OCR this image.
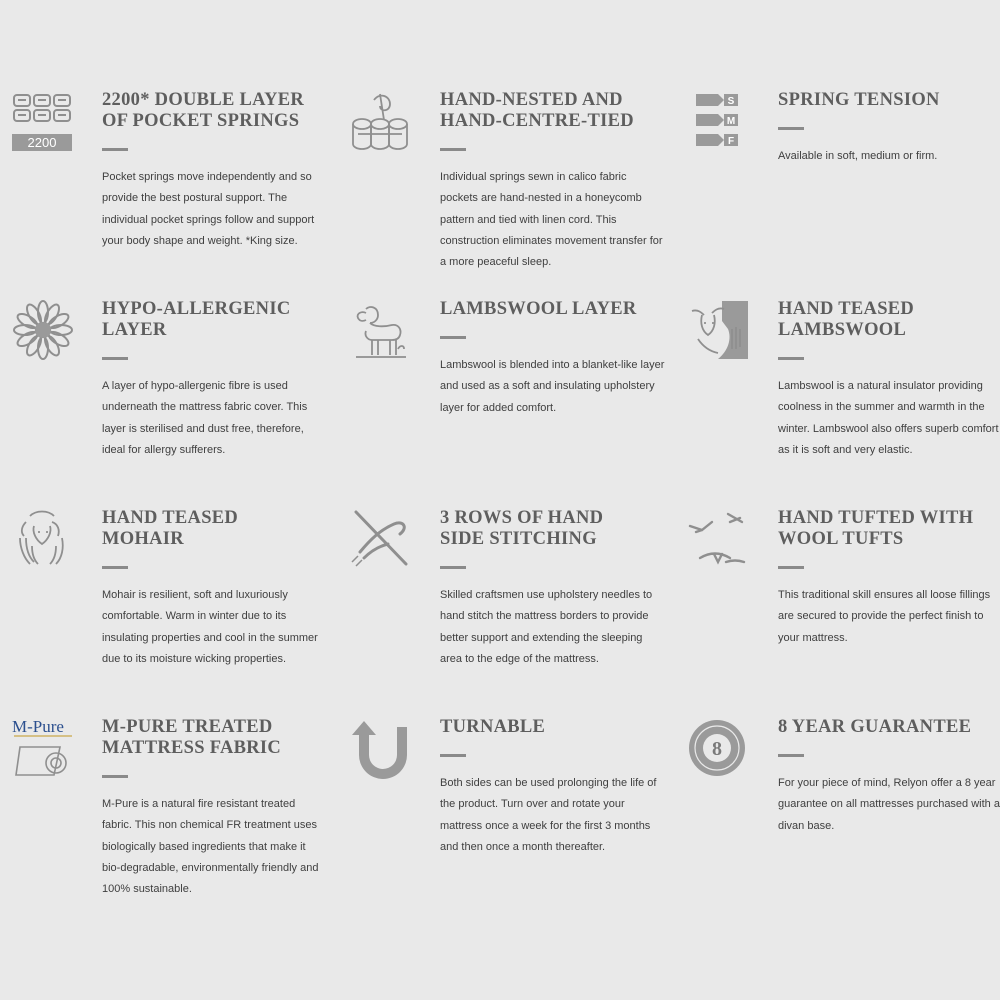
2200
2200* DOUBLE LAYER
OF POCKET SPRINGS

Pocket springs move independently and so provide the best postural support. The individual pocket springs follow and support your body shape and weight. *King size.

HAND-NESTED AND
HAND-CENTRE-TIED

Individual springs sewn in calico fabric pockets are hand-nested in a honeycomb pattern and tied with linen cord. This construction eliminates movement transfer for a more peaceful sleep.

S
M
F
SPRING TENSION

Available in soft, medium or firm.

HYPO-ALLERGENIC
LAYER

A layer of hypo-allergenic fibre is used underneath the mattress fabric cover. This layer is sterilised and dust free, therefore, ideal for allergy sufferers.

LAMBSWOOL LAYER

Lambswool is blended into a blanket-like layer and used as a soft and insulating upholstery layer for added comfort.

HAND TEASED
LAMBSWOOL

Lambswool is a natural insulator providing coolness in the summer and warmth in the winter. Lambswool also offers superb comfort as it is soft and very elastic.

HAND TEASED
MOHAIR

Mohair is resilient, soft and luxuriously comfortable. Warm in winter due to its insulating properties and cool in the summer due to its moisture wicking properties.

3 ROWS OF HAND
SIDE STITCHING

Skilled craftsmen use upholstery needles to hand stitch the mattress borders to provide better support and extending the sleeping area to the edge of the mattress.

HAND TUFTED WITH
WOOL TUFTS

This traditional skill ensures all loose fillings are secured to provide the perfect finish to your mattress.

M-Pure M-PURE TREATED
MATTRESS FABRIC

M-Pure is a natural fire resistant treated fabric. This non chemical FR treatment uses biologically based ingredients that make it bio-degradable, environmentally friendly and 100% sustainable.

TURNABLE

Both sides can be used prolonging the life of the product. Turn over and rotate your mattress once a week for the first 3 months and then once a month thereafter.

8
8 YEAR GUARANTEE

For your piece of mind, Relyon offer a 8 year guarantee on all mattresses purchased with a divan base.
